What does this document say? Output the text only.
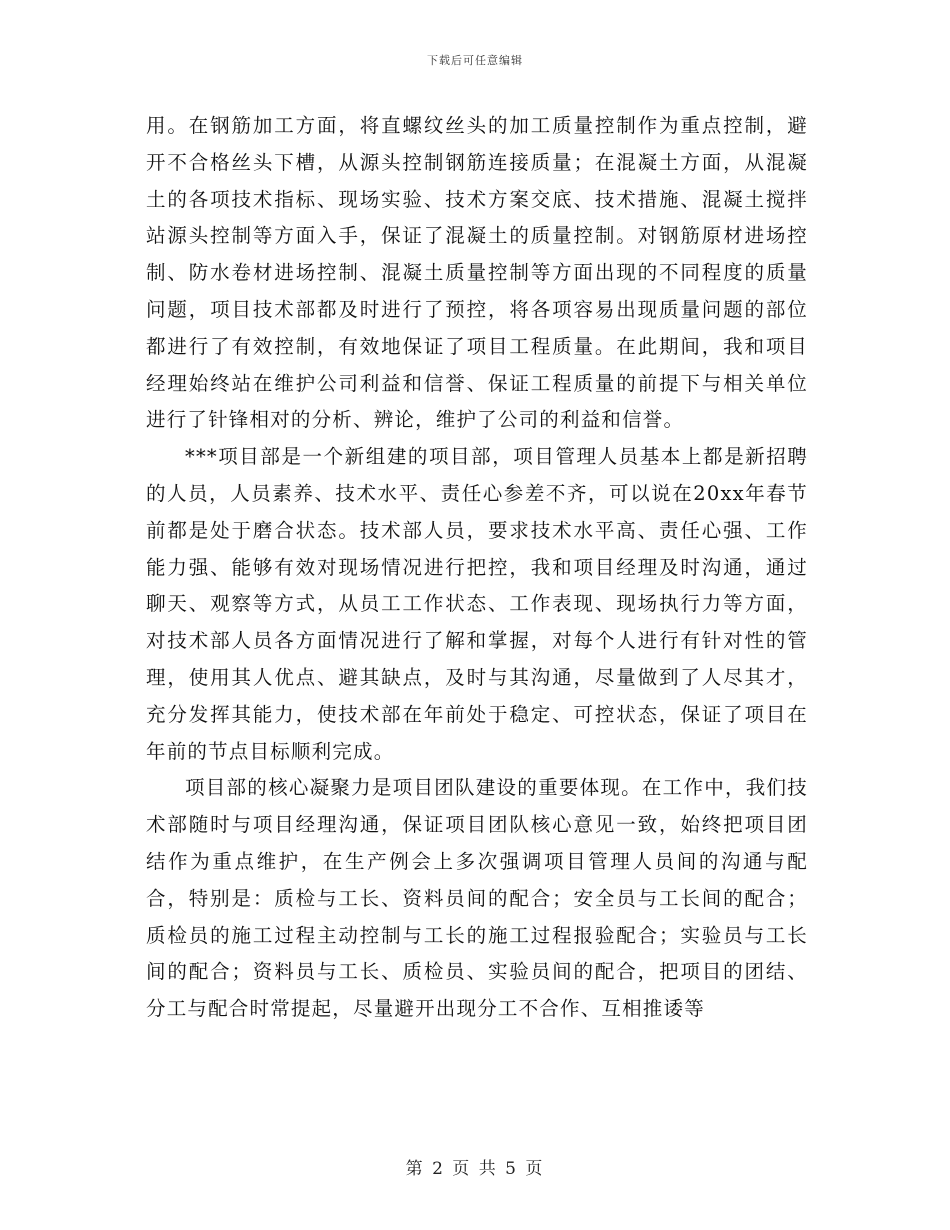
下载后可任意编辑

用。在钢筋加工方面，将直螺纹丝头的加工质量控制作为重点控制，避开不合格丝头下槽，从源头控制钢筋连接质量；在混凝土方面，从混凝土的各项技术指标、现场实验、技术方案交底、技术措施、混凝土搅拌站源头控制等方面入手，保证了混凝土的质量控制。对钢筋原材进场控制、防水卷材进场控制、混凝土质量控制等方面出现的不同程度的质量问题，项目技术部都及时进行了预控，将各项容易出现质量问题的部位都进行了有效控制，有效地保证了项目工程质量。在此期间，我和项目经理始终站在维护公司利益和信誉、保证工程质量的前提下与相关单位进行了针锋相对的分析、辨论，维护了公司的利益和信誉。

***项目部是一个新组建的项目部，项目管理人员基本上都是新招聘的人员，人员素养、技术水平、责任心参差不齐，可以说在20xx年春节前都是处于磨合状态。技术部人员，要求技术水平高、责任心强、工作能力强、能够有效对现场情况进行把控，我和项目经理及时沟通，通过聊天、观察等方式，从员工工作状态、工作表现、现场执行力等方面，对技术部人员各方面情况进行了解和掌握，对每个人进行有针对性的管理，使用其人优点、避其缺点，及时与其沟通，尽量做到了人尽其才，充分发挥其能力，使技术部在年前处于稳定、可控状态，保证了项目在年前的节点目标顺利完成。

项目部的核心凝聚力是项目团队建设的重要体现。在工作中，我们技术部随时与项目经理沟通，保证项目团队核心意见一致，始终把项目团结作为重点维护，在生产例会上多次强调项目管理人员间的沟通与配合，特别是：质检与工长、资料员间的配合；安全员与工长间的配合；质检员的施工过程主动控制与工长的施工过程报验配合；实验员与工长间的配合；资料员与工长、质检员、实验员间的配合，把项目的团结、分工与配合时常提起，尽量避开出现分工不合作、互相推诿等

第 2 页 共 5 页
